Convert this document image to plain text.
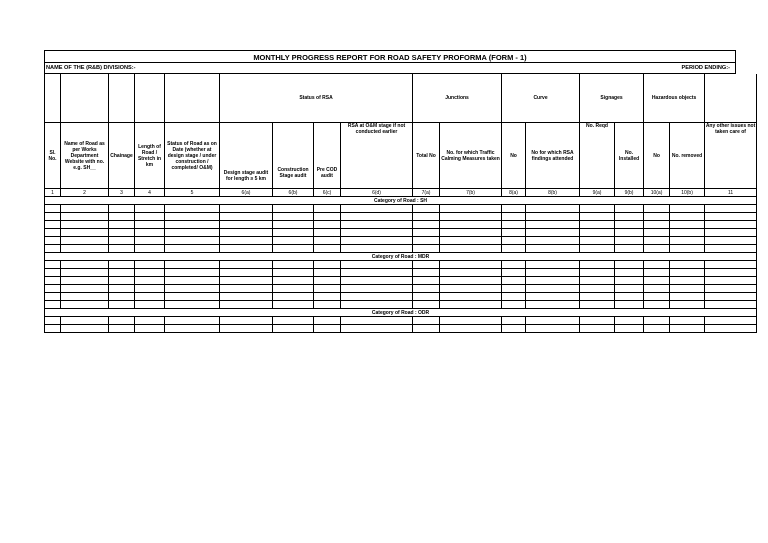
MONTHLY PROGRESS REPORT FOR ROAD SAFETY PROFORMA (FORM - 1)
NAME OF THE (R&B) DIVISIONS:-	PERIOD ENDING:-
					Status of RSA				Junctions		Curve		Signages		Hazardous objects		
Sl. No.	Name of Road as per Works Department Website with no. e.g. SH__	Chainage	Length of Road / Stretch in km	Status of Road as on Date (whether at design stage / under construction / completed/ O&M)	Design stage audit for length ≥ 5 km	Construction Stage audit	Pre COD audit	RSA at O&M stage if not conducted earlier	Total No	No. for which Traffic Calming Measures taken	No	No for which RSA findings attended	No. Reqd	No. Installed	No	No. removed	Any other issues not taken care of
1	2	3	4	5	6(a)	6(b)	6(c)	6(d)	7(a)	7(b)	8(a)	8(b)	9(a)	9(b)	10(a)	10(b)	11
Category of Road : SH																	

Category of Road : MDR																	

Category of Road : ODR																	
